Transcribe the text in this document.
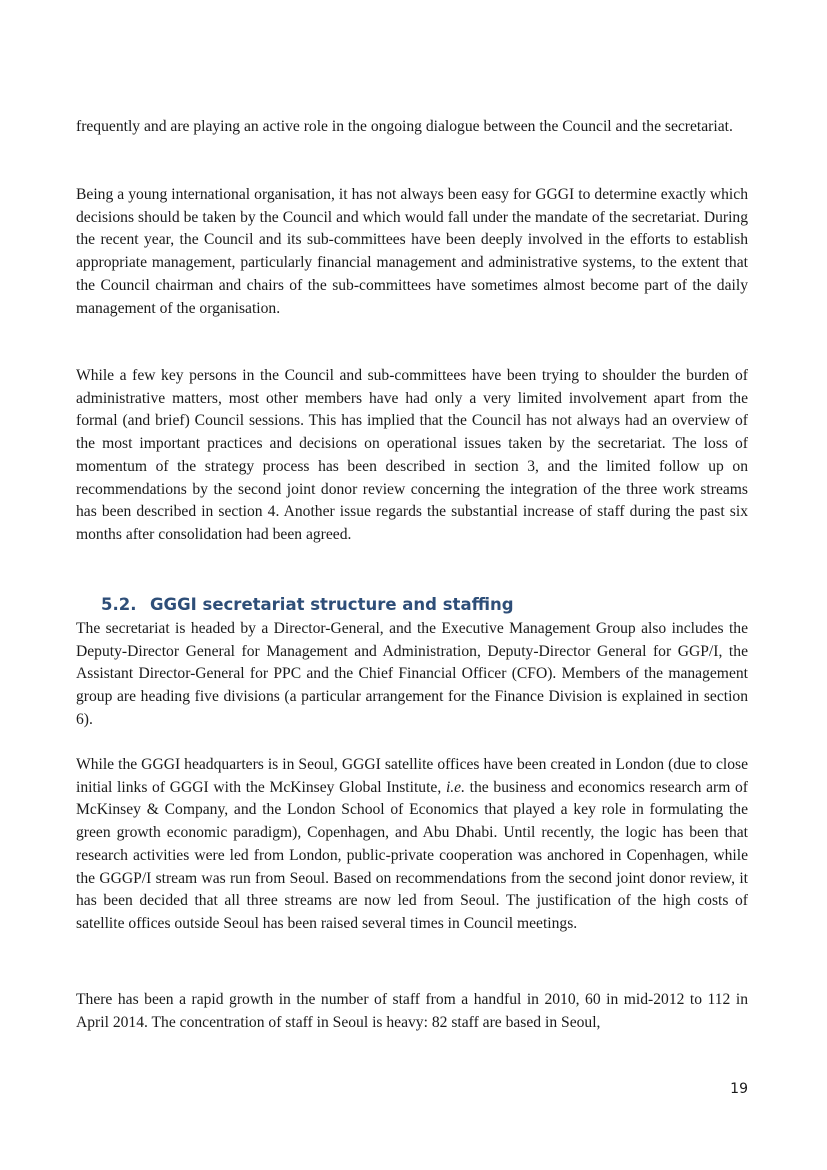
frequently and are playing an active role in the ongoing dialogue between the Council and the secretariat.

Being a young international organisation, it has not always been easy for GGGI to determine exactly which decisions should be taken by the Council and which would fall under the mandate of the secretariat. During the recent year, the Council and its sub-committees have been deeply involved in the efforts to establish appropriate management, particularly financial management and administrative systems, to the extent that the Council chairman and chairs of the sub-committees have sometimes almost become part of the daily management of the organisation.

While a few key persons in the Council and sub-committees have been trying to shoulder the burden of administrative matters, most other members have had only a very limited involvement apart from the formal (and brief) Council sessions. This has implied that the Council has not always had an overview of the most important practices and decisions on operational issues taken by the secretariat. The loss of momentum of the strategy process has been described in section 3, and the limited follow up on recommendations by the second joint donor review concerning the integration of the three work streams has been described in section 4. Another issue regards the substantial increase of staff during the past six months after consolidation had been agreed.

5.2. GGGI secretariat structure and staffing

The secretariat is headed by a Director-General, and the Executive Management Group also includes the Deputy-Director General for Management and Administration, Deputy-Director General for GGP/I, the Assistant Director-General for PPC and the Chief Financial Officer (CFO). Members of the management group are heading five divisions (a particular arrangement for the Finance Division is explained in section 6).

While the GGGI headquarters is in Seoul, GGGI satellite offices have been created in London (due to close initial links of GGGI with the McKinsey Global Institute, i.e. the business and economics research arm of McKinsey & Company, and the London School of Economics that played a key role in formulating the green growth economic paradigm), Copenhagen, and Abu Dhabi. Until recently, the logic has been that research activities were led from London, public-private cooperation was anchored in Copenhagen, while the GGGP/I stream was run from Seoul. Based on recommendations from the second joint donor review, it has been decided that all three streams are now led from Seoul. The justification of the high costs of satellite offices outside Seoul has been raised several times in Council meetings.

There has been a rapid growth in the number of staff from a handful in 2010, 60 in mid-2012 to 112 in April 2014. The concentration of staff in Seoul is heavy: 82 staff are based in Seoul,

19
